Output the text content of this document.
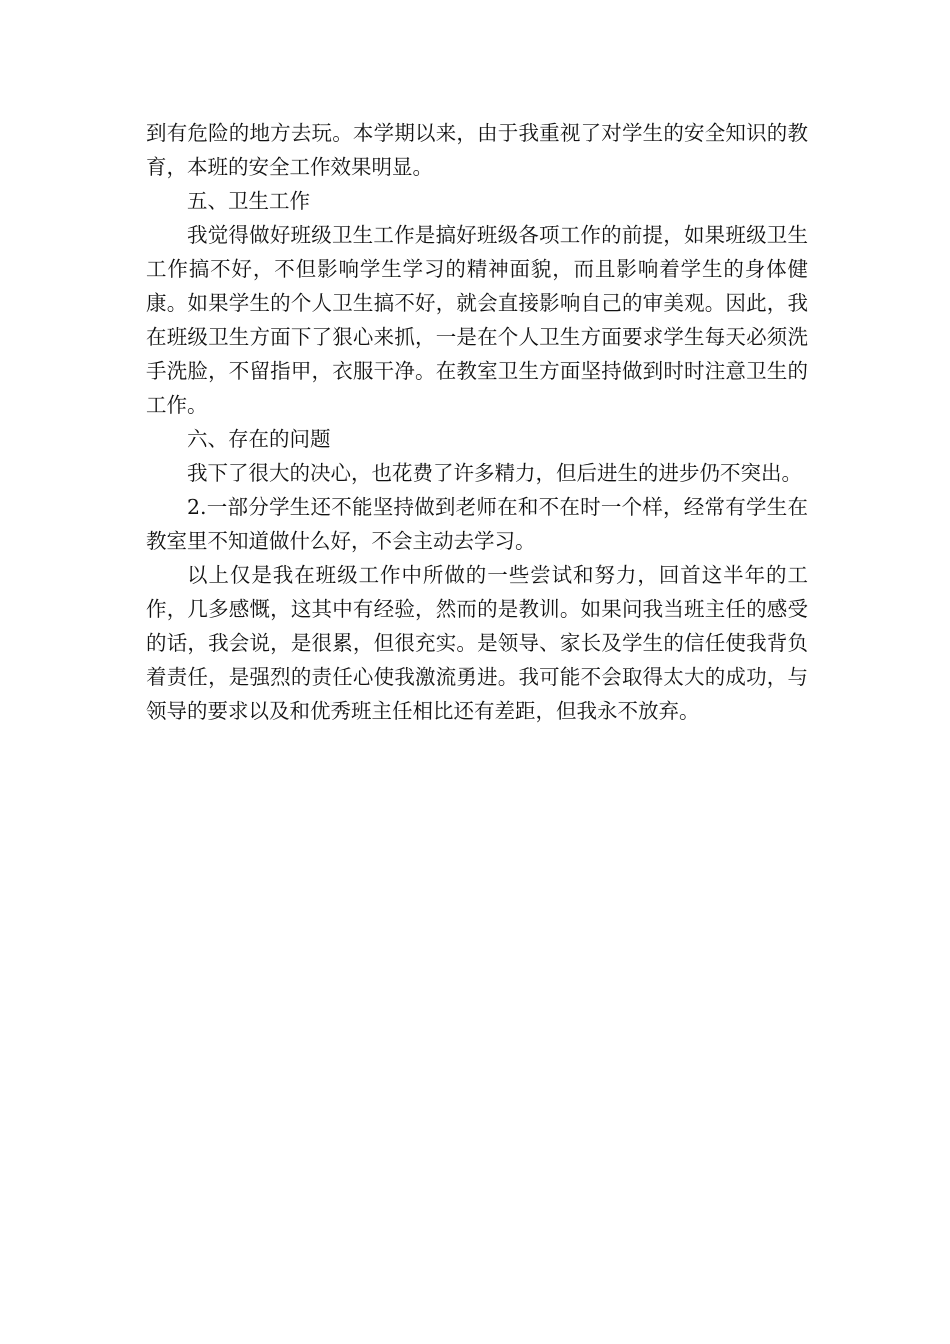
到有危险的地方去玩。本学期以来，由于我重视了对学生的安全知识的教育，本班的安全工作效果明显。

五、卫生工作

我觉得做好班级卫生工作是搞好班级各项工作的前提，如果班级卫生工作搞不好，不但影响学生学习的精神面貌，而且影响着学生的身体健康。如果学生的个人卫生搞不好，就会直接影响自己的审美观。因此，我在班级卫生方面下了狠心来抓，一是在个人卫生方面要求学生每天必须洗手洗脸，不留指甲，衣服干净。在教室卫生方面坚持做到时时注意卫生的工作。

六、存在的问题

我下了很大的决心，也花费了许多精力，但后进生的进步仍不突出。

2.一部分学生还不能坚持做到老师在和不在时一个样，经常有学生在教室里不知道做什么好，不会主动去学习。

以上仅是我在班级工作中所做的一些尝试和努力，回首这半年的工作，几多感慨，这其中有经验，然而的是教训。如果问我当班主任的感受的话，我会说，是很累，但很充实。是领导、家长及学生的信任使我背负着责任，是强烈的责任心使我激流勇进。我可能不会取得太大的成功，与领导的要求以及和优秀班主任相比还有差距，但我永不放弃。
